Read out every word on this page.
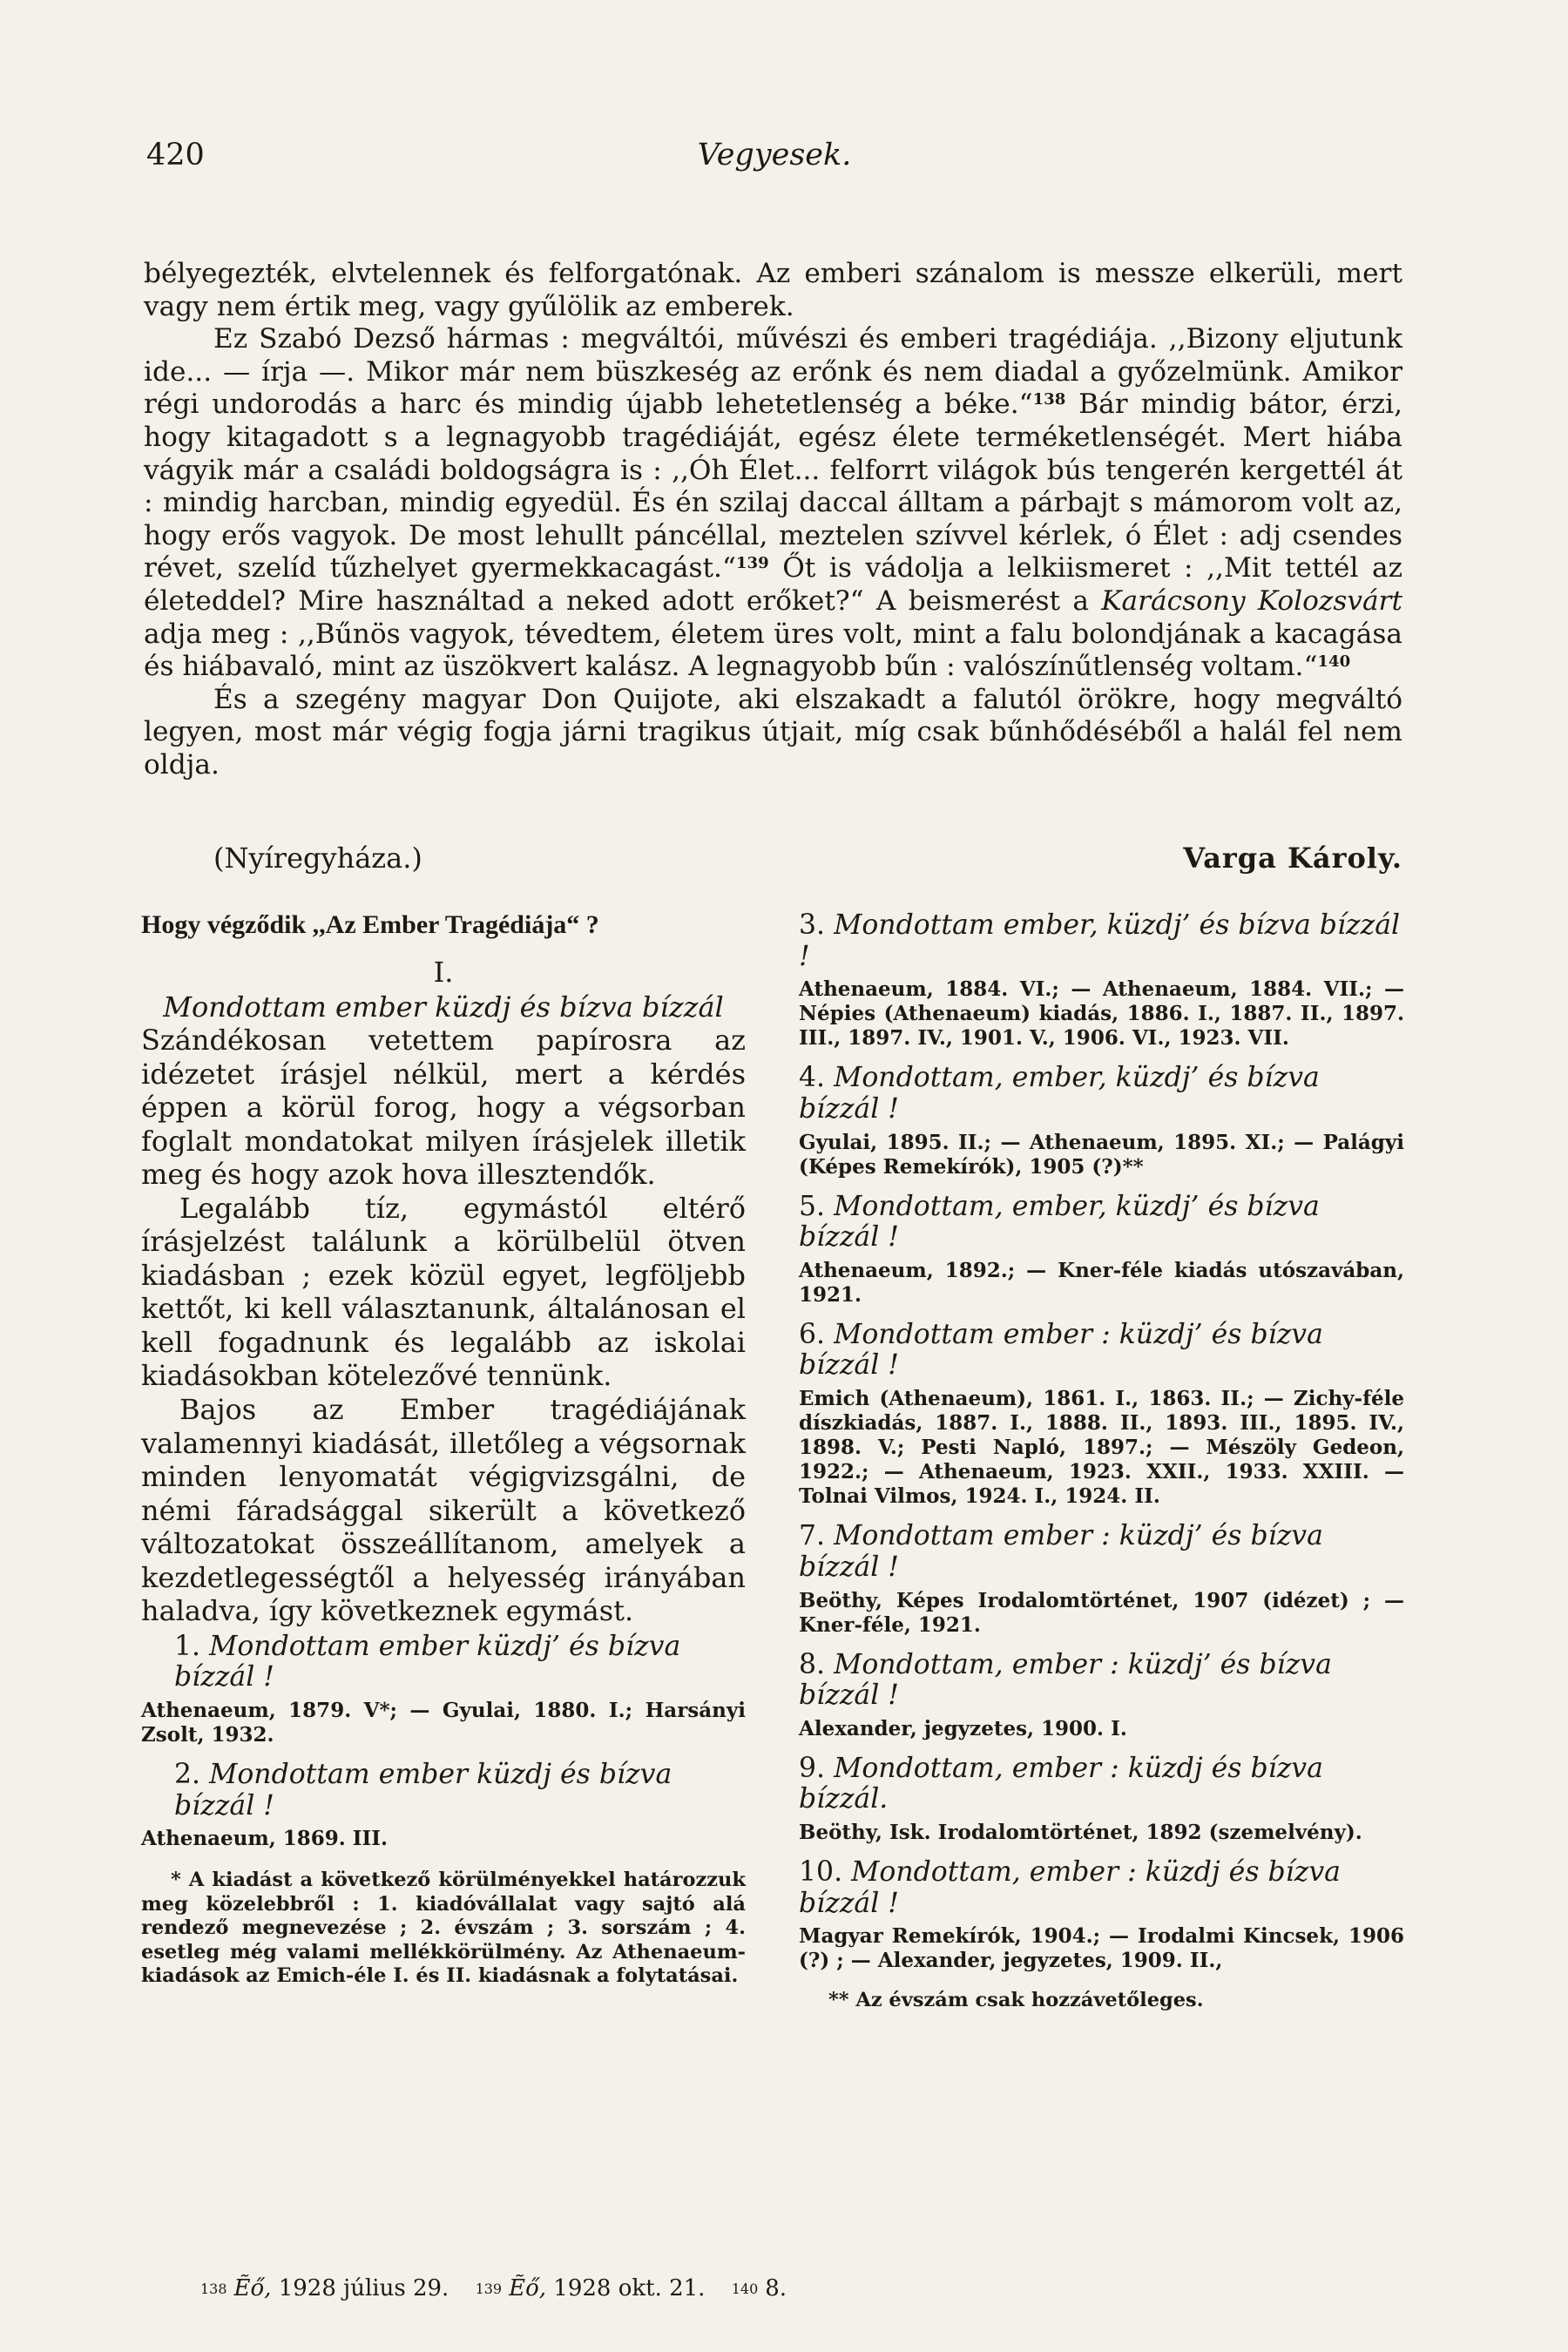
420	Vegyesek.

bélyegezték, elvtelennek és felforgatónak. Az emberi szánalom is messze elkerüli, mert vagy nem értik meg, vagy gyűlölik az emberek.

Ez Szabó Dezső hármas : megváltói, művészi és emberi tragédiája. ,,Bizony eljutunk ide... — írja —. Mikor már nem büszkeség az erőnk és nem diadal a győzelmünk. Amikor régi undorodás a harc és mindig újabb lehetetlenség a béke.“$^{138}$ Bár mindig bátor, érzi, hogy kitagadott s a legnagyobb tragédiáját, egész élete terméketlenségét. Mert hiába vágyik már a családi boldogságra is : ,,Óh Élet... felforrt világok bús tengerén kergettél át : mindig harcban, mindig egyedül. És én szilaj daccal álltam a párbajt s mámorom volt az, hogy erős vagyok. De most lehullt páncéllal, meztelen szívvel kérlek, ó Élet : adj csendes révet, szelíd tűzhelyet gyermekkacagást.“$^{139}$ Őt is vádolja a lelkiismeret : ,,Mit tettél az életeddel? Mire használtad a neked adott erőket?“ A beismerést a Karácsony Kolozsvárt adja meg : ,,Bűnös vagyok, tévedtem, életem üres volt, mint a falu bolondjának a kacagása és hiábavaló, mint az üszökvert kalász. A legnagyobb bűn : valószínűtlenség voltam.“$^{140}$

És a szegény magyar Don Quijote, aki elszakadt a falutól örökre, hogy megváltó legyen, most már végig fogja járni tragikus útjait, míg csak bűnhődéséből a halál fel nem oldja.

(Nyíregyháza.)	Varga Károly.
Hogy végződik ,,Az Ember Tragédiája“ ?
I.

Mondottam ember küzdj és bízva bízzál

Szándékosan vetettem papírosra az idézetet írásjel nélkül, mert a kérdés éppen a körül forog, hogy a végsorban foglalt mondatokat milyen írásjelek illetik meg és hogy azok hova illesztendők.

Legalább tíz, egymástól eltérő írásjelzést találunk a körülbelül ötven kiadásban ; ezek közül egyet, legföljebb kettőt, ki kell választanunk, általánosan el kell fogadnunk és legalább az iskolai kiadásokban kötelezővé tennünk.

Bajos az Ember tragédiájának valamennyi kiadását, illetőleg a végsornak minden lenyomatát végigvizsgálni, de némi fáradsággal sikerült a következő változatokat összeállítanom, amelyek a kezdetlegességtől a helyesség irányában haladva, így következnek egymást.

1. Mondottam ember küzdj’ és bízva bízzál !

Athenaeum, 1879. V*; — Gyulai, 1880. I.; Harsányi Zsolt, 1932.

2. Mondottam ember küzdj és bízva bízzál !

Athenaeum, 1869. III.

* A kiadást a következő körülményekkel határozzuk meg közelebbről : 1. kiadóvállalat vagy sajtó alá rendező megnevezése ; 2. évszám ; 3. sorszám ; 4. esetleg még valami mellékkörülmény. Az Athenaeum-kiadások az Emich-éle I. és II. kiadásnak a folytatásai.

3. Mondottam ember, küzdj’ és bízva bízzál !

Athenaeum, 1884. VI.; — Athenaeum, 1884. VII.; — Népies (Athenaeum) kiadás, 1886. I., 1887. II., 1897. III., 1897. IV., 1901. V., 1906. VI., 1923. VII.

4. Mondottam, ember, küzdj’ és bízva bízzál !

Gyulai, 1895. II.; — Athenaeum, 1895. XI.; — Palágyi (Képes Remekírók), 1905 (?)**

5. Mondottam, ember, küzdj’ és bízva bízzál !

Athenaeum, 1892.; — Kner-féle kiadás utószavában, 1921.

6. Mondottam ember : küzdj’ és bízva bízzál !

Emich (Athenaeum), 1861. I., 1863. II.; — Zichy-féle díszkiadás, 1887. I., 1888. II., 1893. III., 1895. IV., 1898. V.; Pesti Napló, 1897.; — Mészöly Gedeon, 1922.; — Athenaeum, 1923. XXII., 1933. XXIII. — Tolnai Vilmos, 1924. I., 1924. II.

7. Mondottam ember : küzdj’ és bízva bízzál !

Beöthy, Képes Irodalomtörténet, 1907 (idézet) ; — Kner-féle, 1921.

8. Mondottam, ember : küzdj’ és bízva bízzál !

Alexander, jegyzetes, 1900. I.

9. Mondottam, ember : küzdj és bízva bízzál.

Beöthy, Isk. Irodalomtörténet, 1892 (szemelvény).

10. Mondottam, ember : küzdj és bízva bízzál !

Magyar Remekírók, 1904.; — Irodalmi Kincsek, 1906 (?) ; — Alexander, jegyzetes, 1909. II.,

** Az évszám csak hozzávetőleges.
138 Ẽő, 1928 július 29. 139 Ẽő, 1928 okt. 21. 140 8.
